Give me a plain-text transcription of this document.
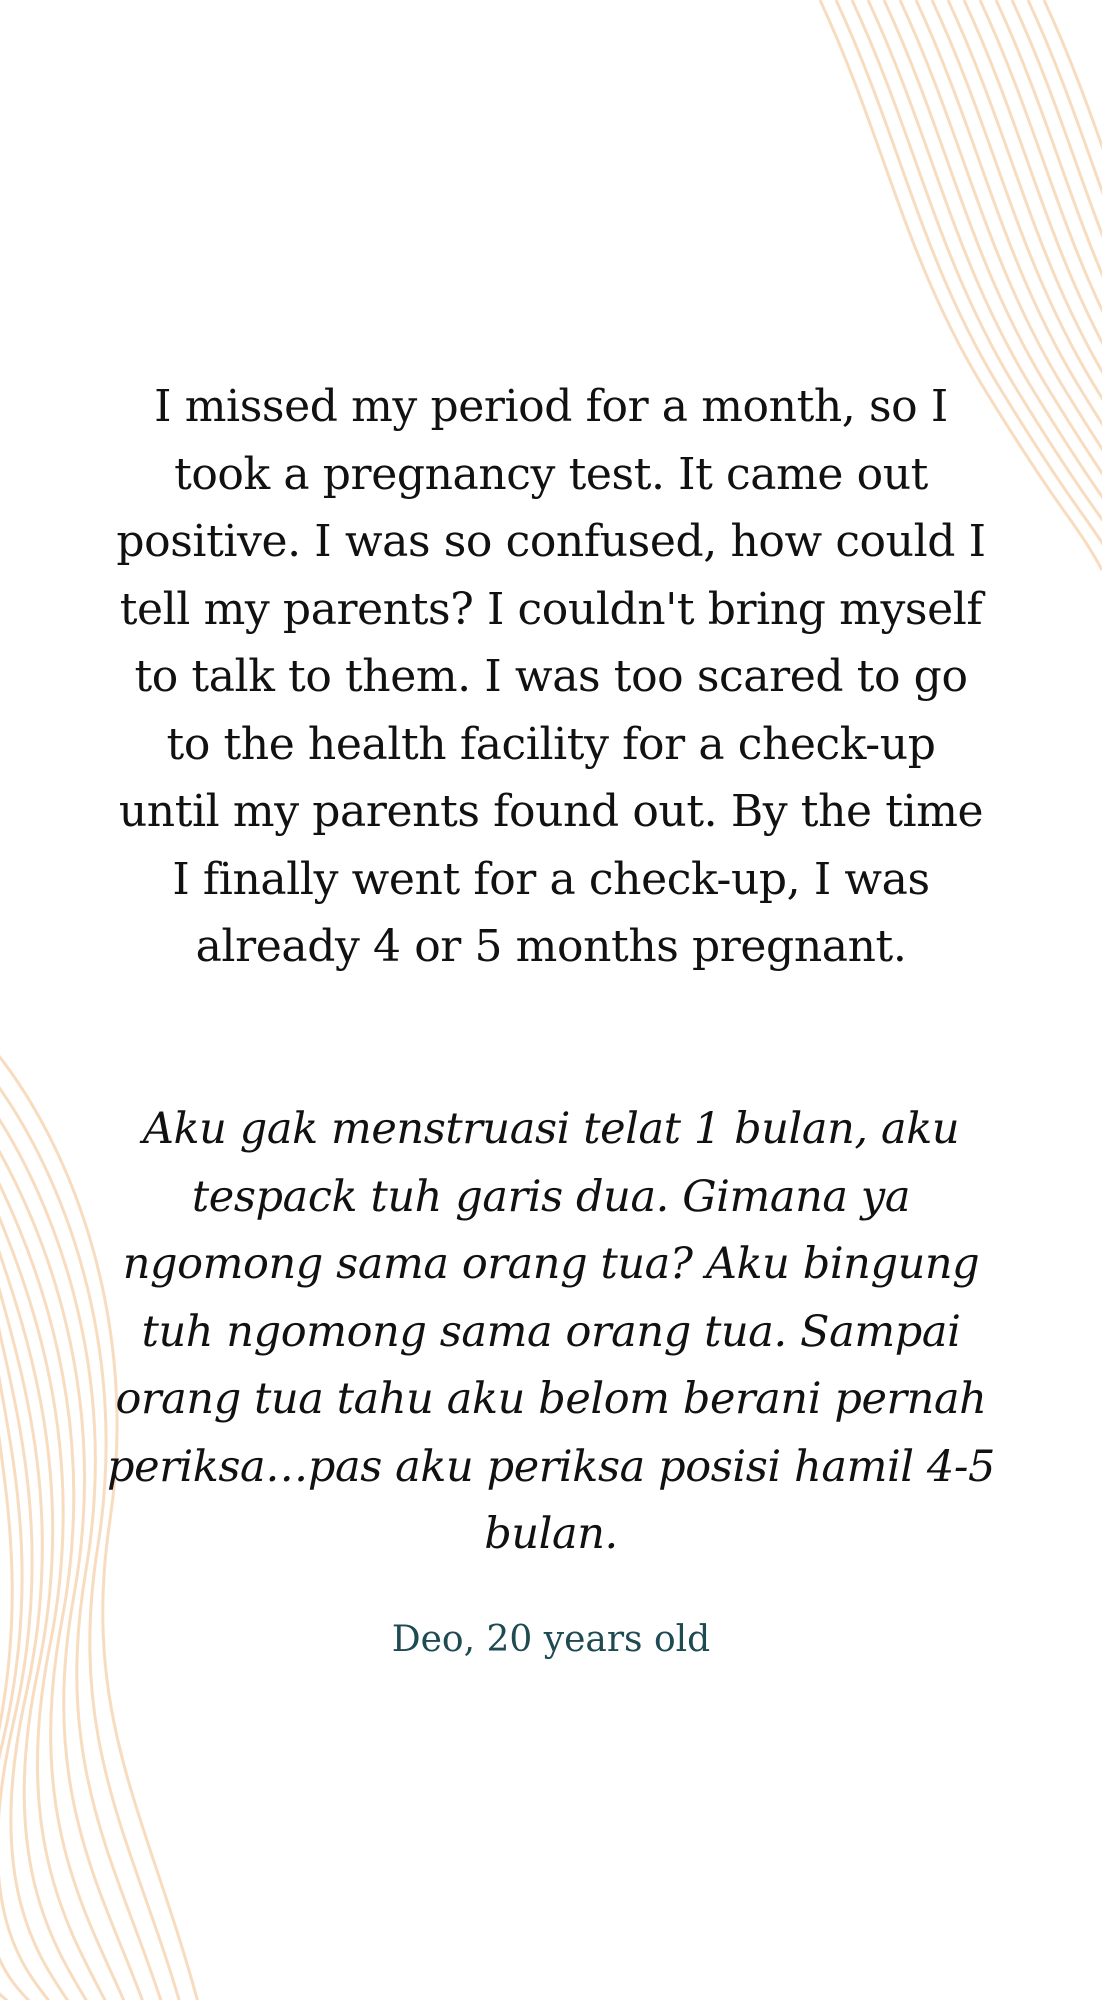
I missed my period for a month, so I took a pregnancy test. It came out positive. I was so confused, how could I tell my parents? I couldn't bring myself to talk to them. I was too scared to go to the health facility for a check-up until my parents found out. By the time I finally went for a check-up, I was already 4 or 5 months pregnant.

Aku gak menstruasi telat 1 bulan, aku tespack tuh garis dua. Gimana ya ngomong sama orang tua? Aku bingung tuh ngomong sama orang tua. Sampai orang tua tahu aku belom berani pernah periksa…pas aku periksa posisi hamil 4-5 bulan.

Deo, 20 years old
